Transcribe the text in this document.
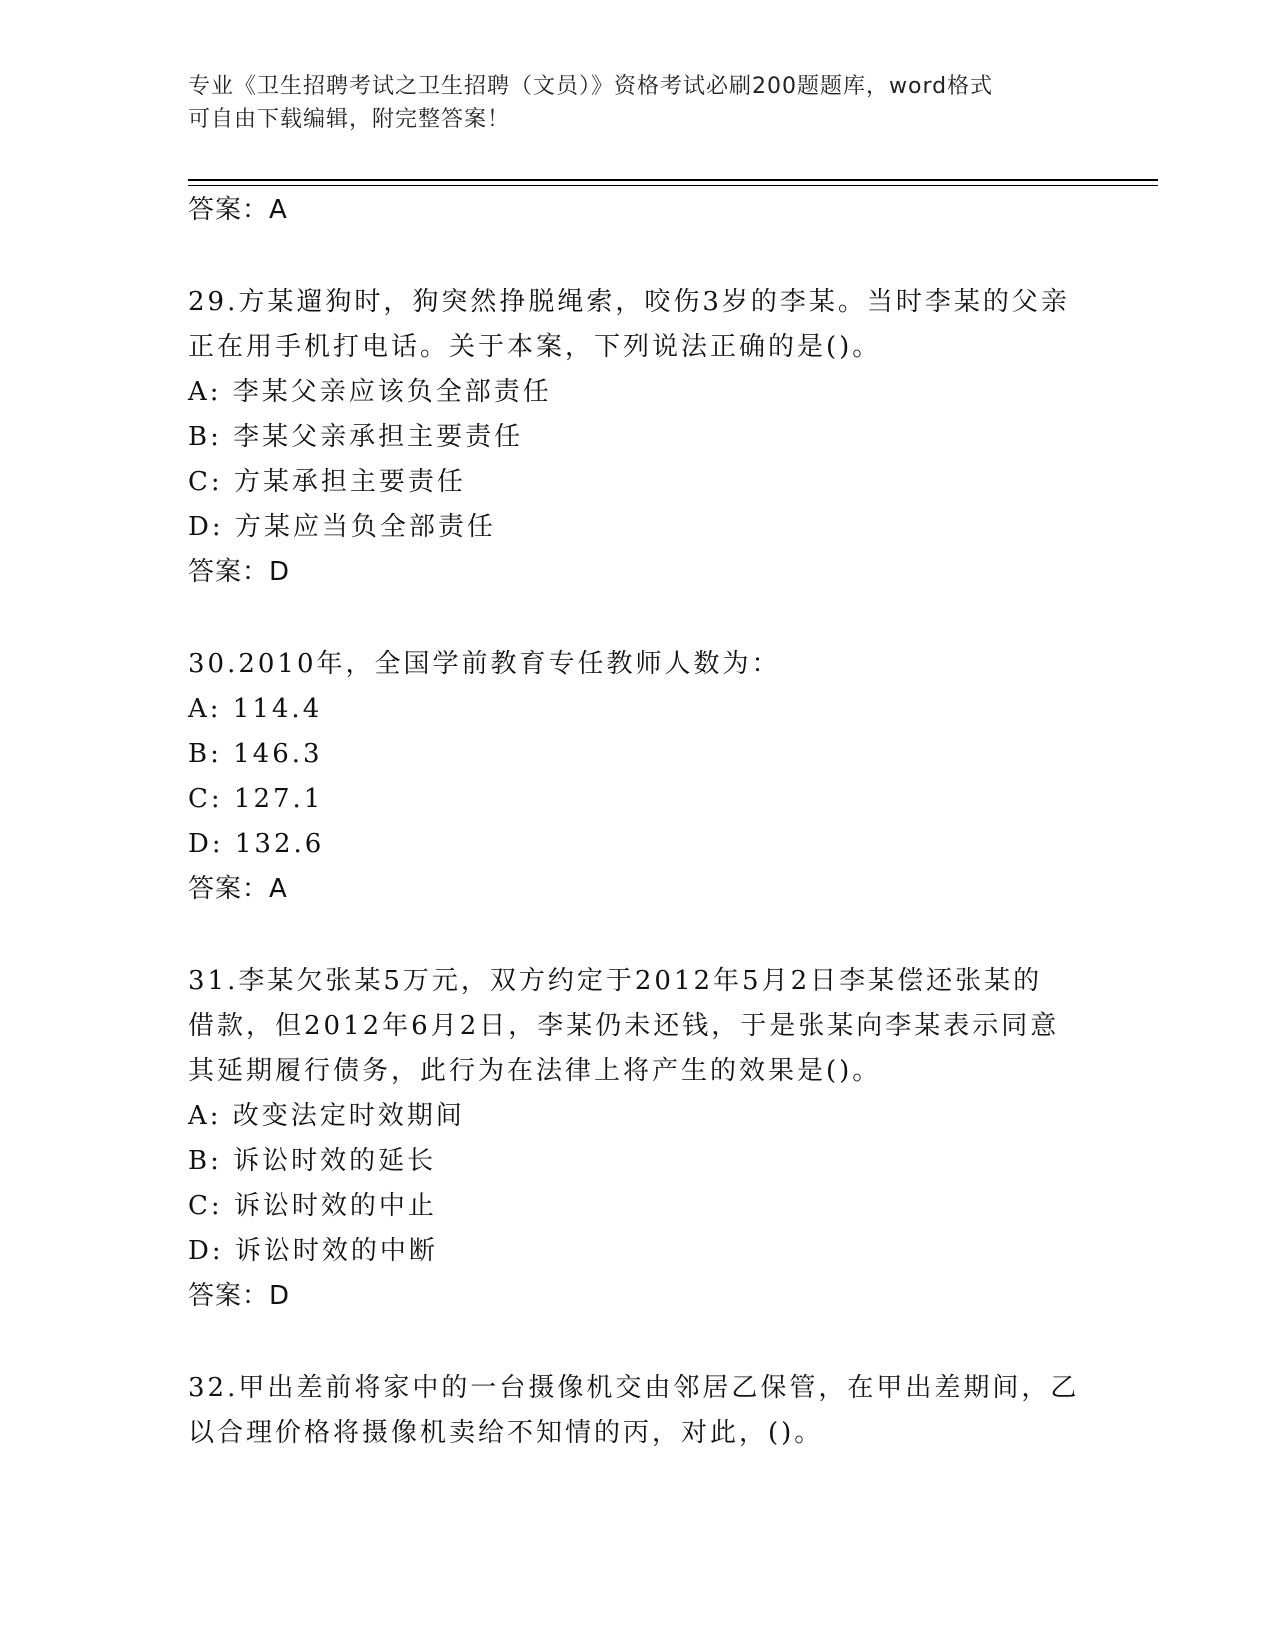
专业《卫生招聘考试之卫生招聘（文员）》资格考试必刷200题题库，word格式
可自由下载编辑，附完整答案！
答案：A
29.方某遛狗时，狗突然挣脱绳索，咬伤3岁的李某。当时李某的父亲
正在用手机打电话。关于本案，下列说法正确的是()。
A: 李某父亲应该负全部责任
B: 李某父亲承担主要责任
C: 方某承担主要责任
D: 方某应当负全部责任
答案：D
30.2010年，全国学前教育专任教师人数为：
A: 114.4
B: 146.3
C: 127.1
D: 132.6
答案：A
31.李某欠张某5万元，双方约定于2012年5月2日李某偿还张某的
借款，但2012年6月2日，李某仍未还钱，于是张某向李某表示同意
其延期履行债务，此行为在法律上将产生的效果是()。
A: 改变法定时效期间
B: 诉讼时效的延长
C: 诉讼时效的中止
D: 诉讼时效的中断
答案：D
32.甲出差前将家中的一台摄像机交由邻居乙保管，在甲出差期间，乙
以合理价格将摄像机卖给不知情的丙，对此，()。
